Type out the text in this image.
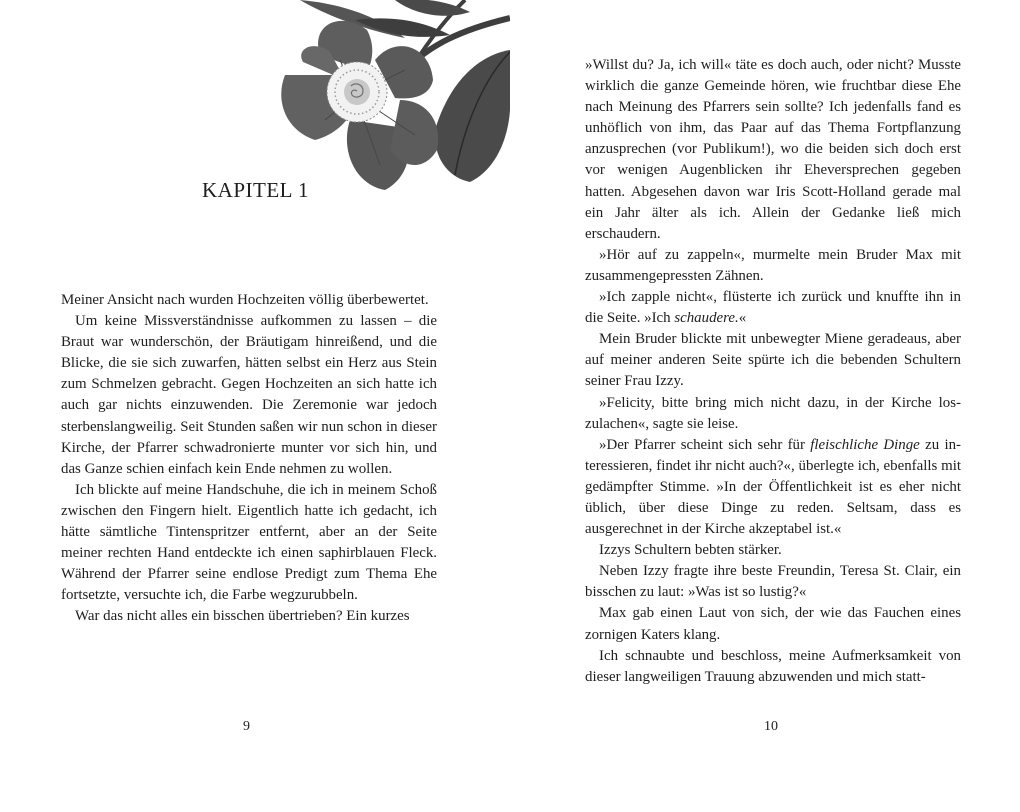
KAPITEL 1

Meiner Ansicht nach wurden Hochzeiten völlig überbewertet.

Um keine Missverständnisse aufkommen zu lassen – die Braut war wunderschön, der Bräutigam hinreißend, und die Blicke, die sie sich zuwarfen, hätten selbst ein Herz aus Stein zum Schmelzen gebracht. Gegen Hochzeiten an sich hatte ich auch gar nichts einzuwenden. Die Zeremonie war jedoch sterbenslangweilig. Seit Stunden saßen wir nun schon in dieser Kirche, der Pfarrer schwadronierte munter vor sich hin, und das Ganze schien einfach kein Ende nehmen zu wollen.

Ich blickte auf meine Handschuhe, die ich in meinem Schoß zwischen den Fingern hielt. Eigentlich hatte ich gedacht, ich hätte sämtliche Tintenspritzer entfernt, aber an der Seite meiner rechten Hand entdeckte ich einen saphirblauen Fleck. Während der Pfarrer seine endlose Predigt zum Thema Ehe fortsetzte, versuchte ich, die Farbe wegzurubbeln.

War das nicht alles ein bisschen übertrieben? Ein kurzes

9

»Willst du? Ja, ich will« täte es doch auch, oder nicht? Musste wirklich die ganze Gemeinde hören, wie fruchtbar diese Ehe nach Meinung des Pfarrers sein sollte? Ich jedenfalls fand es unhöflich von ihm, das Paar auf das Thema Fortpflanzung anzusprechen (vor Publikum!), wo die beiden sich doch erst vor wenigen Augenblicken ihr Eheversprechen gegeben hatten. Abgesehen davon war Iris Scott-Holland gerade mal ein Jahr älter als ich. Allein der Gedanke ließ mich erschaudern.

»Hör auf zu zappeln«, murmelte mein Bruder Max mit zusammengepressten Zähnen.

»Ich zapple nicht«, flüsterte ich zurück und knuffte ihn in die Seite. »Ich schaudere.«

Mein Bruder blickte mit unbewegter Miene geradeaus, aber auf meiner anderen Seite spürte ich die bebenden Schultern seiner Frau Izzy.

»Felicity, bitte bring mich nicht dazu, in der Kirche loszulachen«, sagte sie leise.

»Der Pfarrer scheint sich sehr für fleischliche Dinge zu interessieren, findet ihr nicht auch?«, überlegte ich, ebenfalls mit gedämpfter Stimme. »In der Öffentlichkeit ist es eher nicht üblich, über diese Dinge zu reden. Seltsam, dass es ausgerechnet in der Kirche akzeptabel ist.«

Izzys Schultern bebten stärker.

Neben Izzy fragte ihre beste Freundin, Teresa St. Clair, ein bisschen zu laut: »Was ist so lustig?«

Max gab einen Laut von sich, der wie das Fauchen eines zornigen Katers klang.

Ich schnaubte und beschloss, meine Aufmerksamkeit von dieser langweiligen Trauung abzuwenden und mich statt-

10
